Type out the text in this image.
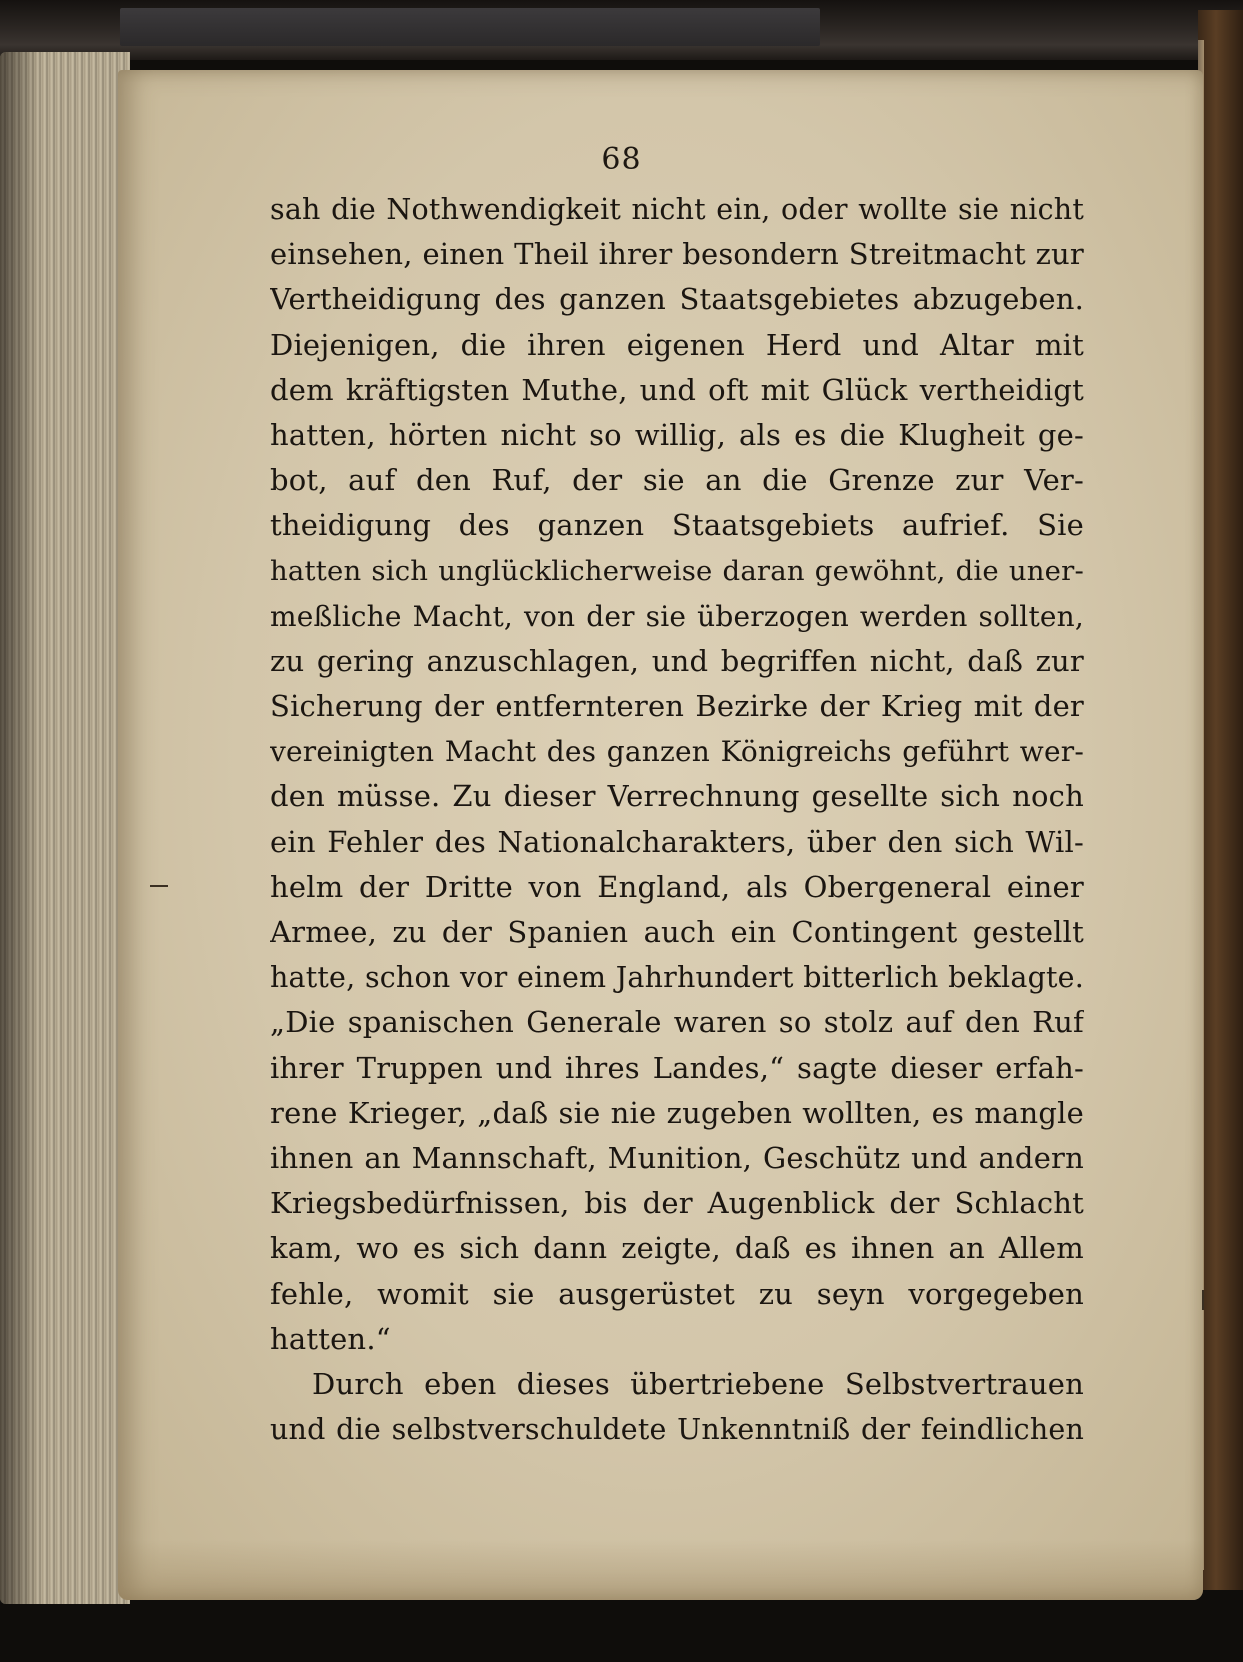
68
sah die Nothwendigkeit nicht ein, oder wollte sie nicht
einsehen, einen Theil ihrer besondern Streitmacht zur
Vertheidigung des ganzen Staatsgebietes abzugeben.
Diejenigen, die ihren eigenen Herd und Altar mit
dem kräftigsten Muthe, und oft mit Glück vertheidigt
hatten, hörten nicht so willig, als es die Klugheit ge-
bot, auf den Ruf, der sie an die Grenze zur Ver-
theidigung des ganzen Staatsgebiets aufrief. Sie
hatten sich unglücklicherweise daran gewöhnt, die uner-
meßliche Macht, von der sie überzogen werden sollten,
zu gering anzuschlagen, und begriffen nicht, daß zur
Sicherung der entfernteren Bezirke der Krieg mit der
vereinigten Macht des ganzen Königreichs geführt wer-
den müsse. Zu dieser Verrechnung gesellte sich noch
ein Fehler des Nationalcharakters, über den sich Wil-
helm der Dritte von England, als Obergeneral einer
Armee, zu der Spanien auch ein Contingent gestellt
hatte, schon vor einem Jahrhundert bitterlich beklagte.
„Die spanischen Generale waren so stolz auf den Ruf
ihrer Truppen und ihres Landes,“ sagte dieser erfah-
rene Krieger, „daß sie nie zugeben wollten, es mangle
ihnen an Mannschaft, Munition, Geschütz und andern
Kriegsbedürfnissen, bis der Augenblick der Schlacht
kam, wo es sich dann zeigte, daß es ihnen an Allem
fehle, womit sie ausgerüstet zu seyn vorgegeben
hatten.“
Durch eben dieses übertriebene Selbstvertrauen
und die selbstverschuldete Unkenntniß der feindlichen
